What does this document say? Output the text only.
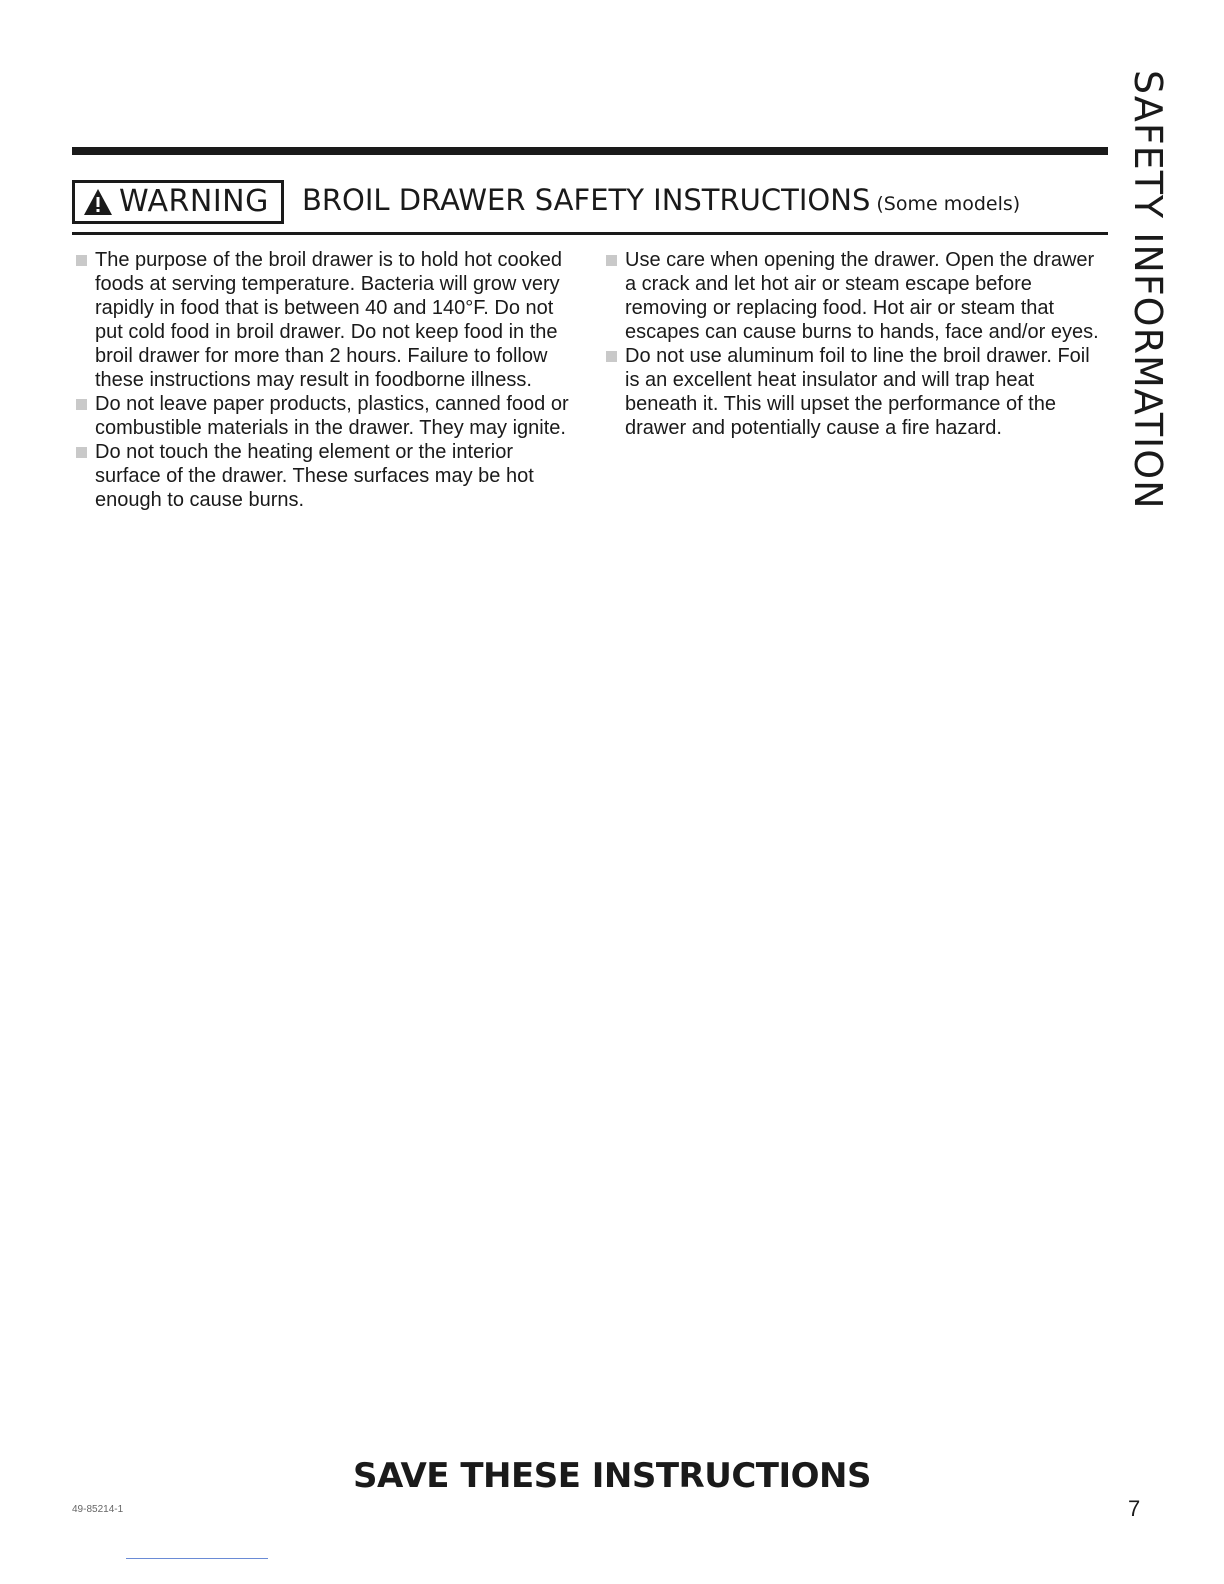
WARNING BROIL DRAWER SAFETY INSTRUCTIONS (Some models)

The purpose of the broil drawer is to hold hot cooked foods at serving temperature. Bacteria will grow very rapidly in food that is between 40 and 140°F. Do not put cold food in broil drawer. Do not keep food in the broil drawer for more than 2 hours. Failure to follow these instructions may result in foodborne illness.

Do not leave paper products, plastics, canned food or combustible materials in the drawer. They may ignite.

Do not touch the heating element or the interior surface of the drawer. These surfaces may be hot enough to cause burns.

Use care when opening the drawer. Open the drawer a crack and let hot air or steam escape before removing or replacing food. Hot air or steam that escapes can cause burns to hands, face and/or eyes.

Do not use aluminum foil to line the broil drawer. Foil is an excellent heat insulator and will trap heat beneath it. This will upset the performance of the drawer and potentially cause a fire hazard.	SAFETY INFORMATION
SAVE THESE INSTRUCTIONS
49-85214-1	7
